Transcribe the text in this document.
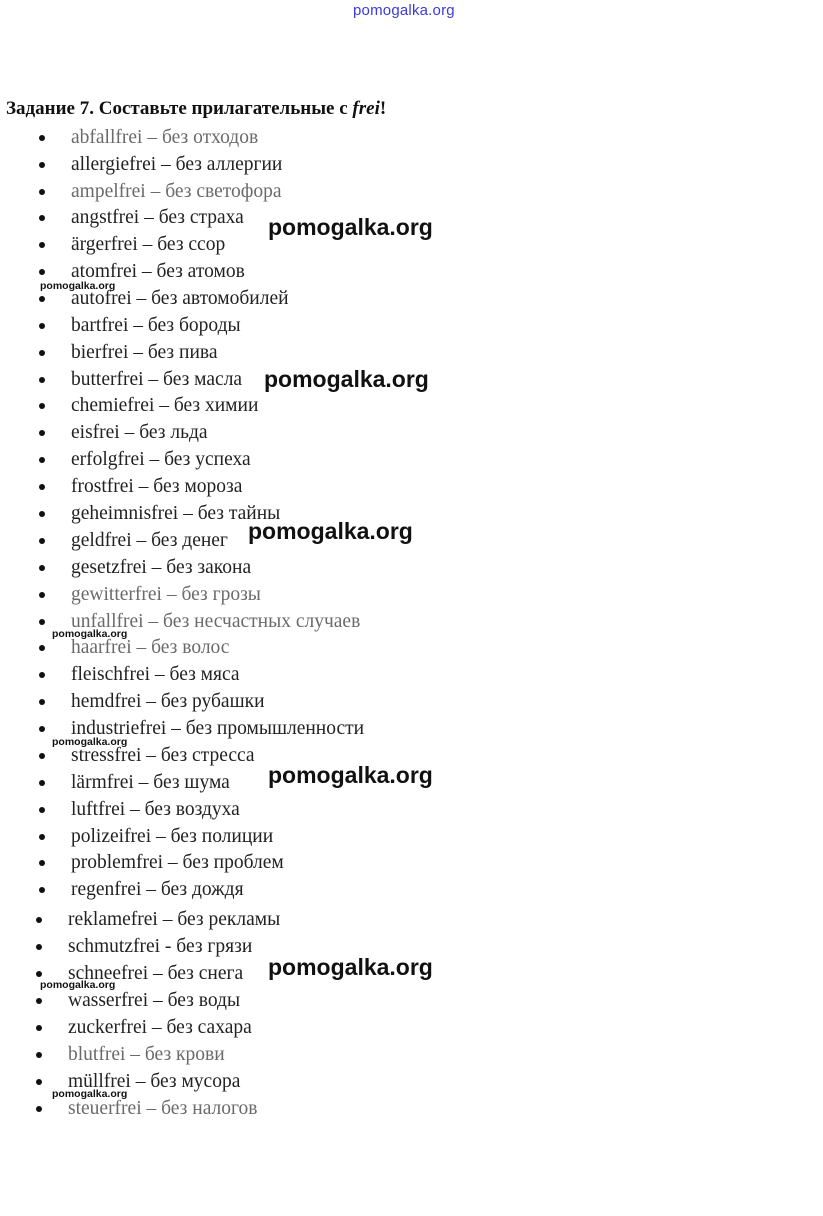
pomogalka.org
Задание 7. Составьте прилагательные с frei!
abfallfrei – без отходов
allergiefrei – без аллергии
ampelfrei – без светофора
angstfrei – без страха
ärgerfrei – без ссор
atomfrei – без атомов
autofrei – без автомобилей
bartfrei – без бороды
bierfrei – без пива
butterfrei – без масла
chemiefrei – без химии
eisfrei – без льда
erfolgfrei – без успеха
frostfrei – без мороза
geheimnisfrei – без тайны
geldfrei – без денег
gesetzfrei – без закона
gewitterfrei – без грозы
unfallfrei – без несчастных случаев
haarfrei – без волос
fleischfrei – без мяса
hemdfrei – без рубашки
industriefrei – без промышленности
stressfrei – без стресса
lärmfrei – без шума
luftfrei – без воздуха
polizeifrei – без полиции
problemfrei – без проблем
regenfrei – без дождя
reklamefrei – без рекламы
schmutzfrei - без грязи
schneefrei – без снега
wasserfrei – без воды
zuckerfrei – без сахара
blutfrei – без крови
müllfrei – без мусора
steuerfrei – без налогов
pomogalka.org
pomogalka.org
pomogalka.org
pomogalka.org
pomogalka.org
pomogalka.org
pomogalka.org
pomogalka.org
pomogalka.org
pomogalka.org
